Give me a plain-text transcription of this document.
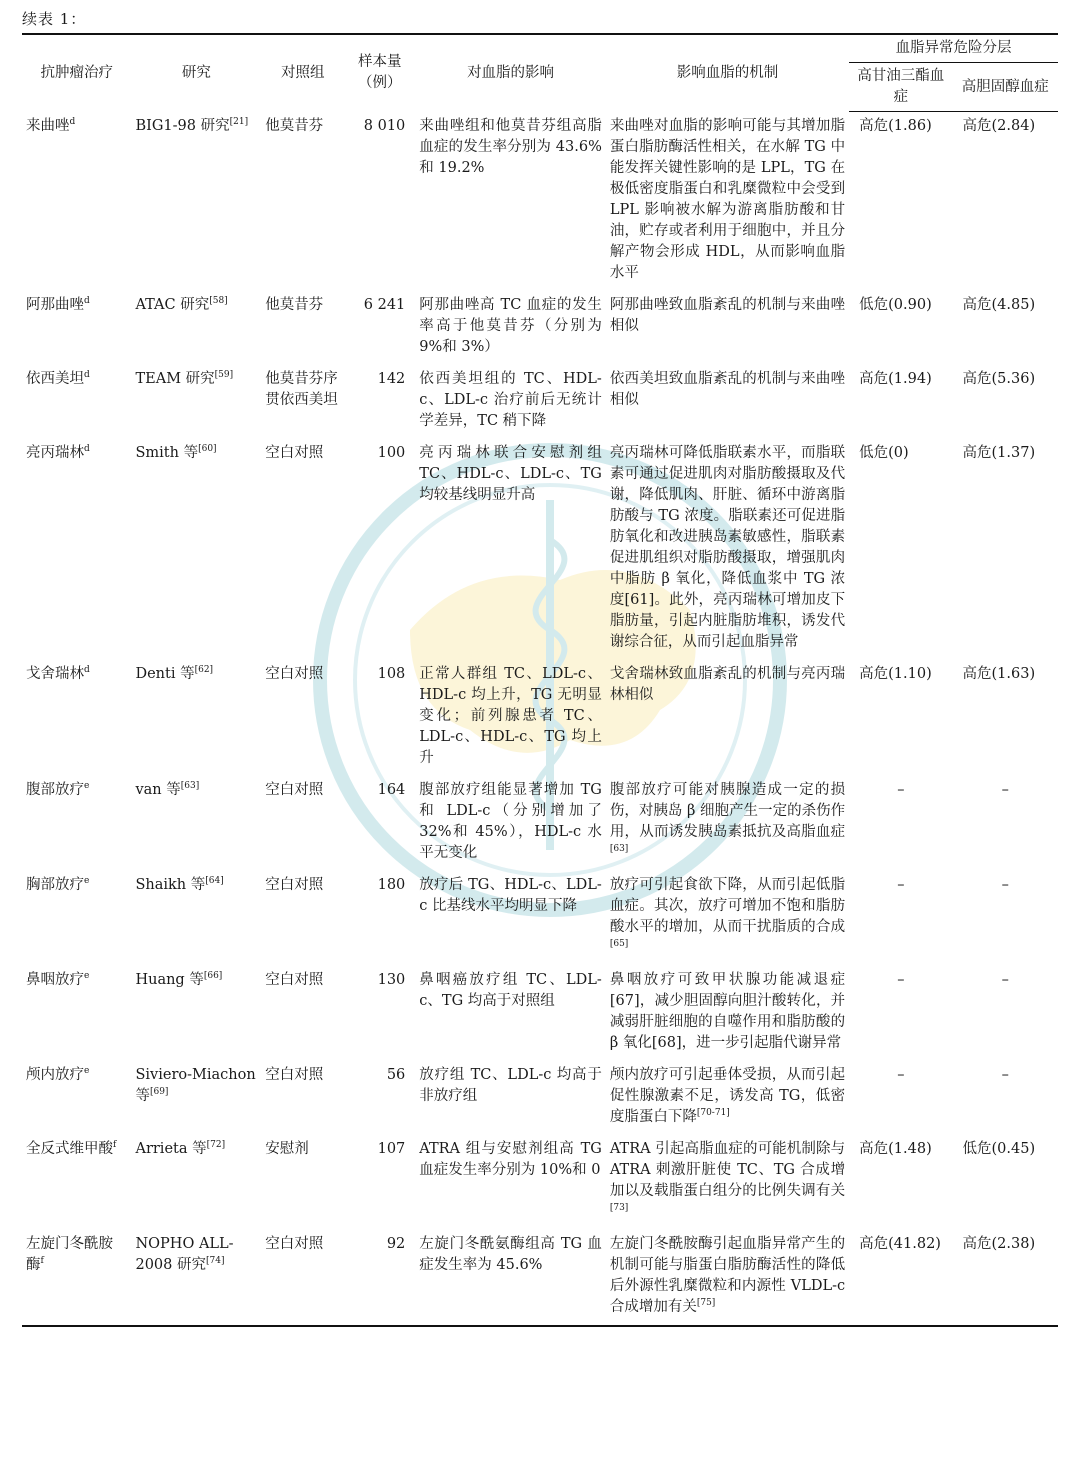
续表 1：
抗肿瘤治疗	研究	对照组	样本量（例）	对血脂的影响	影响血脂的机制	血脂异常危险分层	
						高甘油三酯血症	高胆固醇血症
来曲唑$^d$	BIG1-98 研究[21]	他莫昔芬	8 010	来曲唑组和他莫昔芬组高脂血症的发生率分别为 43.6%和 19.2%	来曲唑对血脂的影响可能与其增加脂蛋白脂肪酶活性相关，在水解 TG 中能发挥关键性影响的是 LPL，TG 在极低密度脂蛋白和乳糜微粒中会受到 LPL 影响被水解为游离脂肪酸和甘油，贮存或者利用于细胞中，并且分解产物会形成 HDL，从而影响血脂水平	高危(1.86)	高危(2.84)
阿那曲唑$^d$	ATAC 研究[58]	他莫昔芬	6 241	阿那曲唑高 TC 血症的发生率高于他莫昔芬（分别为 9%和 3%）	阿那曲唑致血脂紊乱的机制与来曲唑相似	低危(0.90)	高危(4.85)
依西美坦$^d$	TEAM 研究[59]	他莫昔芬序贯依西美坦	142	依西美坦组的 TC、HDL-c、LDL-c 治疗前后无统计学差异，TC 稍下降	依西美坦致血脂紊乱的机制与来曲唑相似	高危(1.94)	高危(5.36)
亮丙瑞林$^d$	Smith 等[60]	空白对照	100	亮丙瑞林联合安慰剂组 TC、HDL-c、LDL-c、TG 均较基线明显升高	亮丙瑞林可降低脂联素水平，而脂联素可通过促进肌肉对脂肪酸摄取及代谢，降低肌肉、肝脏、循环中游离脂肪酸与 TG 浓度。脂联素还可促进脂肪氧化和改进胰岛素敏感性，脂联素促进肌组织对脂肪酸摄取，增强肌肉中脂肪 β 氧化，降低血浆中 TG 浓度[61]。此外，亮丙瑞林可增加皮下脂肪量，引起内脏脂肪堆积，诱发代谢综合征，从而引起血脂异常	低危(0)	高危(1.37)
戈舍瑞林$^d$	Denti 等[62]	空白对照	108	正常人群组 TC、LDL-c、HDL-c 均上升，TG 无明显变化；前列腺患者 TC、LDL-c、HDL-c、TG 均上升	戈舍瑞林致血脂紊乱的机制与亮丙瑞林相似	高危(1.10)	高危(1.63)
腹部放疗$^e$	van 等[63]	空白对照	164	腹部放疗组能显著增加 TG 和 LDL-c（分别增加了 32%和 45%），HDL-c 水平无变化	腹部放疗可能对胰腺造成一定的损伤，对胰岛 β 细胞产生一定的杀伤作用，从而诱发胰岛素抵抗及高脂血症[63]	–	–
胸部放疗$^e$	Shaikh 等[64]	空白对照	180	放疗后 TG、HDL-c、LDL-c 比基线水平均明显下降	放疗可引起食欲下降，从而引起低脂血症。其次，放疗可增加不饱和脂肪酸水平的增加，从而干扰脂质的合成[65]	–	–
鼻咽放疗$^e$	Huang 等[66]	空白对照	130	鼻咽癌放疗组 TC、LDL-c、TG 均高于对照组	鼻咽放疗可致甲状腺功能减退症[67]，减少胆固醇向胆汁酸转化，并减弱肝脏细胞的自噬作用和脂肪酸的 β 氧化[68]，进一步引起脂代谢异常	–	–
颅内放疗$^e$	Siviero-Miachon 等[69]	空白对照	56	放疗组 TC、LDL-c 均高于非放疗组	颅内放疗可引起垂体受损，从而引起促性腺激素不足，诱发高 TG，低密度脂蛋白下降[70-71]	–	–
全反式维甲酸$^f$	Arrieta 等[72]	安慰剂	107	ATRA 组与安慰剂组高 TG 血症发生率分别为 10%和 0	ATRA 引起高脂血症的可能机制除与 ATRA 刺激肝脏使 TC、TG 合成增加以及载脂蛋白组分的比例失调有关[73]	高危(1.48)	低危(0.45)
左旋门冬酰胺酶$^f$	NOPHO ALL-2008 研究[74]	空白对照	92	左旋门冬酰氨酶组高 TG 血症发生率为 45.6%	左旋门冬酰胺酶引起血脂异常产生的机制可能与脂蛋白脂肪酶活性的降低后外源性乳糜微粒和内源性 VLDL-c 合成增加有关[75]	高危(41.82)	高危(2.38)
